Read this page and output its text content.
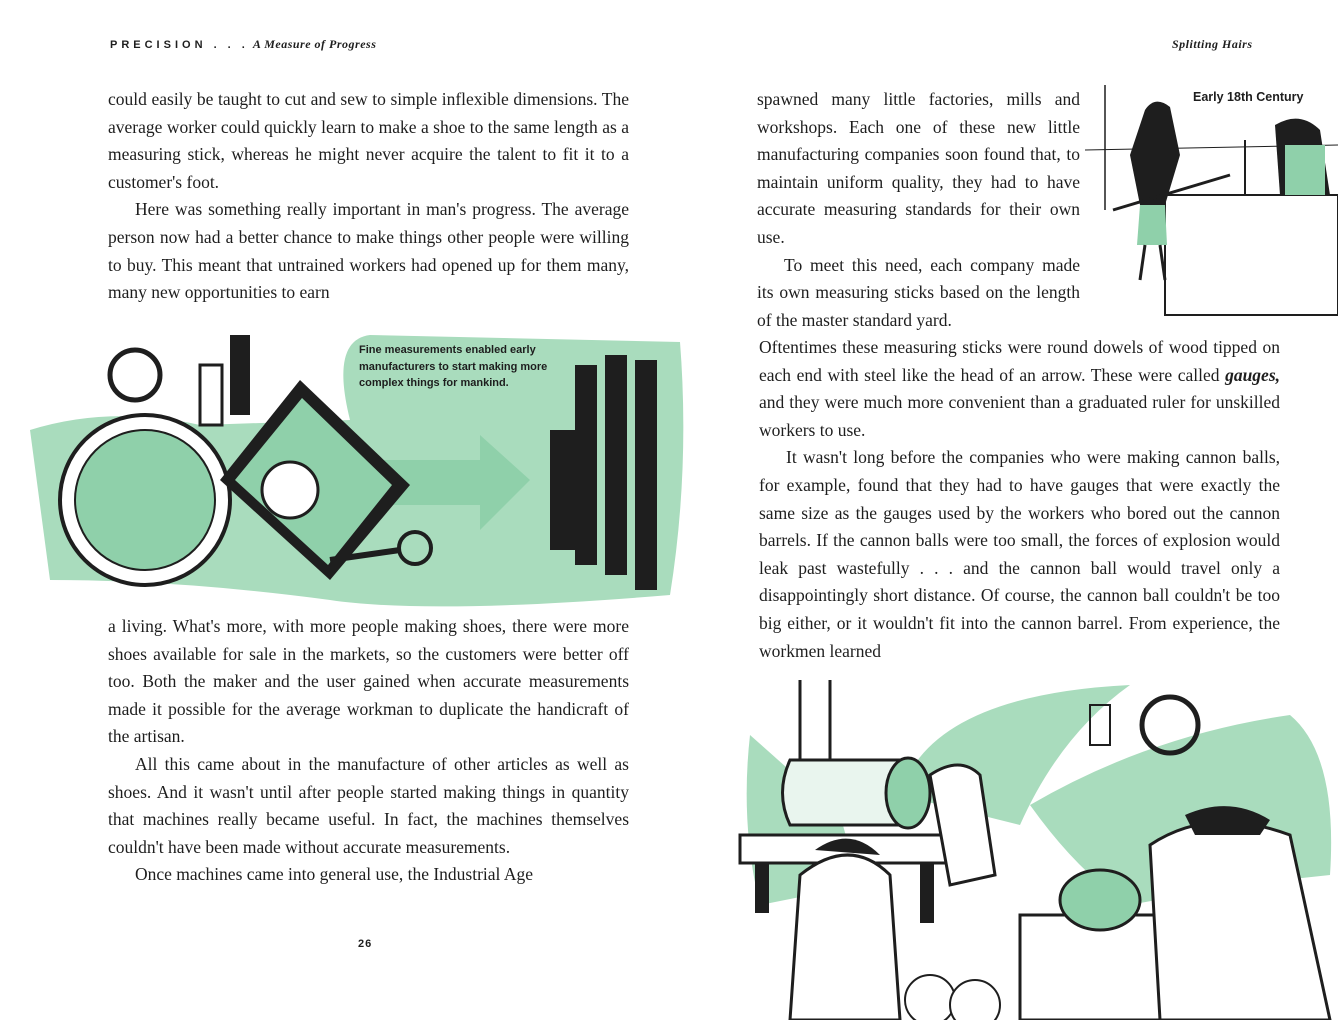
PRECISION . . . A Measure of Progress

could easily be taught to cut and sew to simple inflexible dimensions. The average worker could quickly learn to make a shoe to the same length as a measuring stick, whereas he might never acquire the talent to fit it to a customer's foot.

Here was something really important in man's progress. The average person now had a better chance to make things other people were willing to buy. This meant that untrained workers had opened up for them many, many new opportunities to earn

Fine measurements enabled early manufacturers to start making more complex things for mankind.

a living. What's more, with more people making shoes, there were more shoes available for sale in the markets, so the customers were better off too. Both the maker and the user gained when accurate measurements made it possible for the average workman to duplicate the handicraft of the artisan.

All this came about in the manufacture of other articles as well as shoes. And it wasn't until after people started making things in quantity that machines really became useful. In fact, the machines themselves couldn't have been made without accurate measurements.

Once machines came into general use, the Industrial Age

26
Splitting Hairs
Early 18th Century

spawned many little factories, mills and workshops. Each one of these new little manufacturing companies soon found that, to maintain uniform quality, they had to have accurate measuring standards for their own use.

To meet this need, each company made its own measuring sticks based on the length of the master standard yard.

Oftentimes these measuring sticks were round dowels of wood tipped on each end with steel like the head of an arrow. These were called gauges, and they were much more convenient than a graduated ruler for unskilled workers to use.

It wasn't long before the companies who were making cannon balls, for example, found that they had to have gauges that were exactly the same size as the gauges used by the workers who bored out the cannon barrels. If the cannon balls were too small, the forces of explosion would leak past wastefully . . . and the cannon ball would travel only a disappointingly short distance. Of course, the cannon ball couldn't be too big either, or it wouldn't fit into the cannon barrel. From experience, the workmen learned
